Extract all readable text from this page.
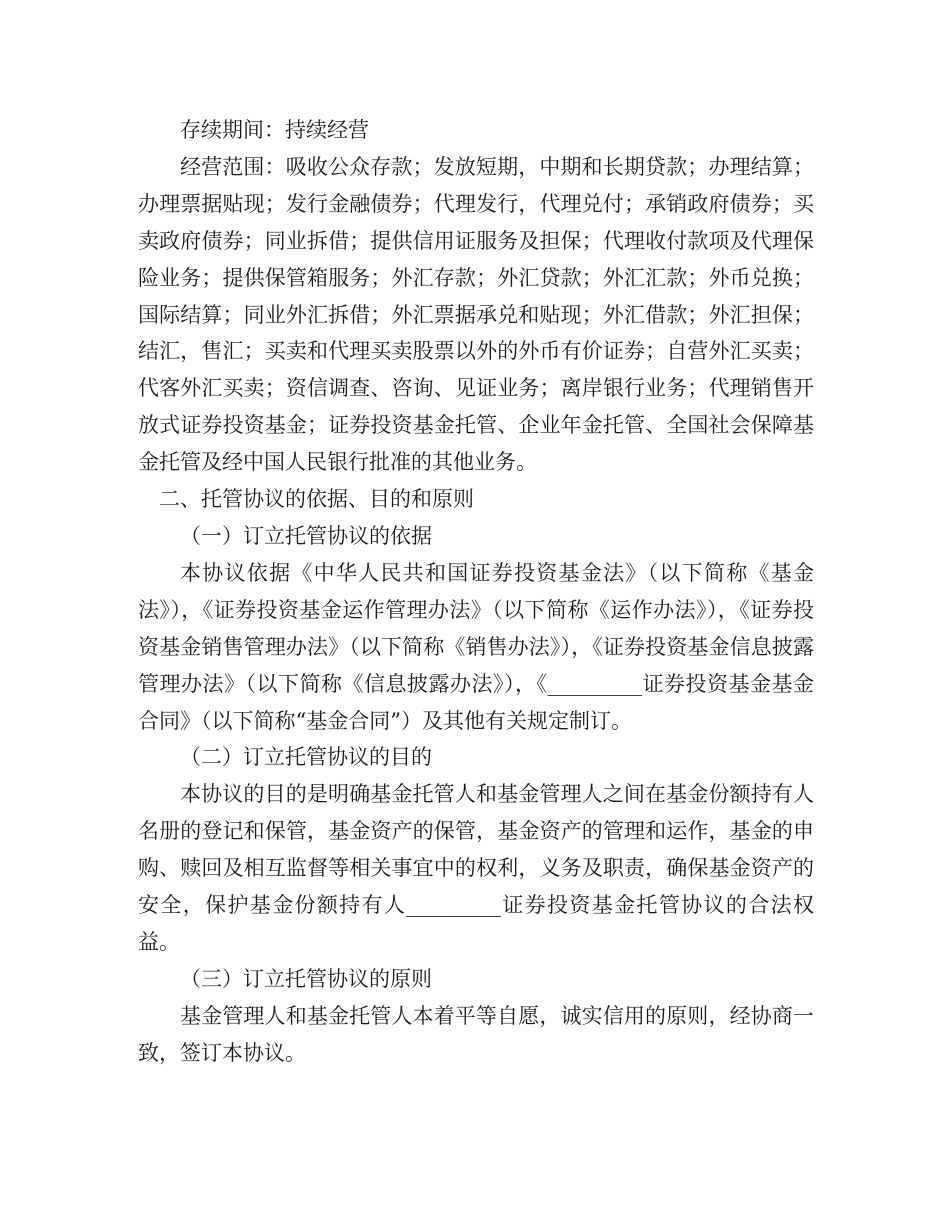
存续期间：持续经营

经营范围：吸收公众存款；发放短期，中期和长期贷款；办理结算；办理票据贴现；发行金融债券；代理发行，代理兑付；承销政府债券；买卖政府债券；同业拆借；提供信用证服务及担保；代理收付款项及代理保险业务；提供保管箱服务；外汇存款；外汇贷款；外汇汇款；外币兑换；国际结算；同业外汇拆借；外汇票据承兑和贴现；外汇借款；外汇担保；结汇，售汇；买卖和代理买卖股票以外的外币有价证券；自营外汇买卖；代客外汇买卖；资信调查、咨询、见证业务；离岸银行业务；代理销售开放式证券投资基金；证券投资基金托管、企业年金托管、全国社会保障基金托管及经中国人民银行批准的其他业务。

二、托管协议的依据、目的和原则

（一）订立托管协议的依据

本协议依据《中华人民共和国证券投资基金法》（以下简称《基金法》），《证券投资基金运作管理办法》（以下简称《运作办法》），《证券投资基金销售管理办法》（以下简称《销售办法》），《证券投资基金信息披露管理办法》（以下简称《信息披露办法》），《_________证券投资基金基金合同》（以下简称“基金合同”）及其他有关规定制订。

（二）订立托管协议的目的

本协议的目的是明确基金托管人和基金管理人之间在基金份额持有人名册的登记和保管，基金资产的保管，基金资产的管理和运作，基金的申购、赎回及相互监督等相关事宜中的权利，义务及职责，确保基金资产的安全，保护基金份额持有人_________证券投资基金托管协议的合法权益。

（三）订立托管协议的原则

基金管理人和基金托管人本着平等自愿，诚实信用的原则，经协商一致，签订本协议。
